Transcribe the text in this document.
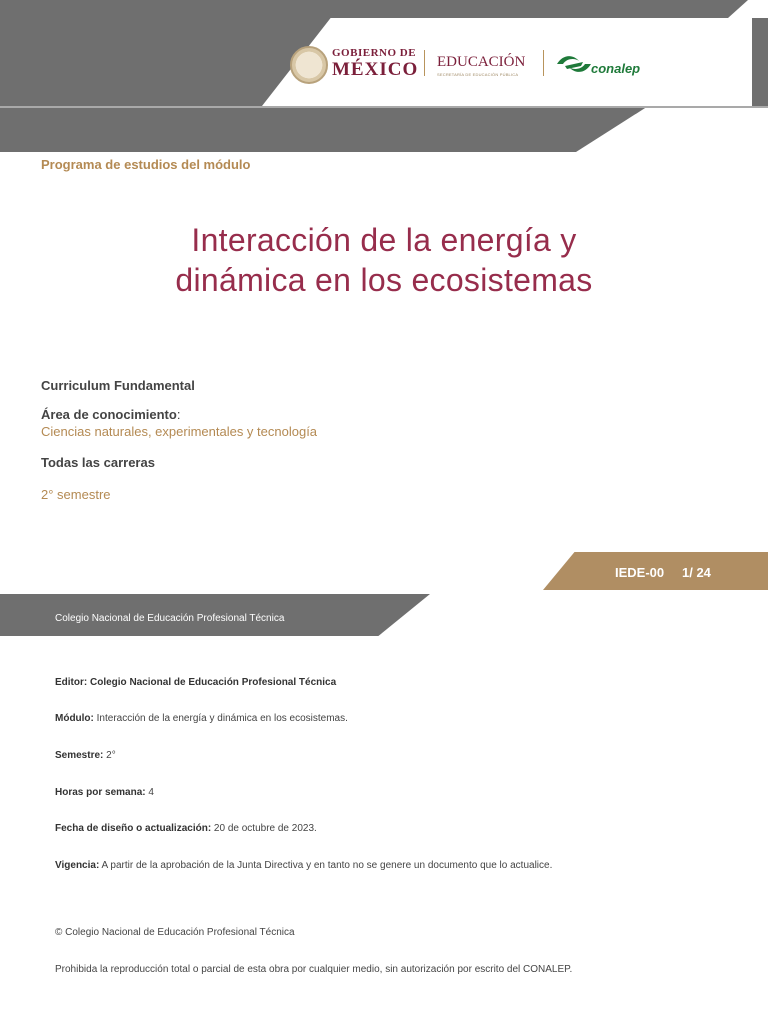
GOBIERNO DE
MÉXICO EDUCACIÓN
SECRETARÍA DE EDUCACIÓN PÚBLICA	conalep
Programa de estudios del módulo
Interacción de la energía y
dinámica en los ecosistemas
Curriculum Fundamental
Área de conocimiento:
Ciencias naturales, experimentales y tecnología
Todas las carreras
2° semestre
IEDE-00 1/ 24
Colegio Nacional de Educación Profesional Técnica
Editor: Colegio Nacional de Educación Profesional Técnica
Módulo: Interacción de la energía y dinámica en los ecosistemas.
Semestre: 2°
Horas por semana: 4
Fecha de diseño o actualización: 20 de octubre de 2023.
Vigencia: A partir de la aprobación de la Junta Directiva y en tanto no se genere un documento que lo actualice.
© Colegio Nacional de Educación Profesional Técnica
Prohibida la reproducción total o parcial de esta obra por cualquier medio, sin autorización por escrito del CONALEP.
